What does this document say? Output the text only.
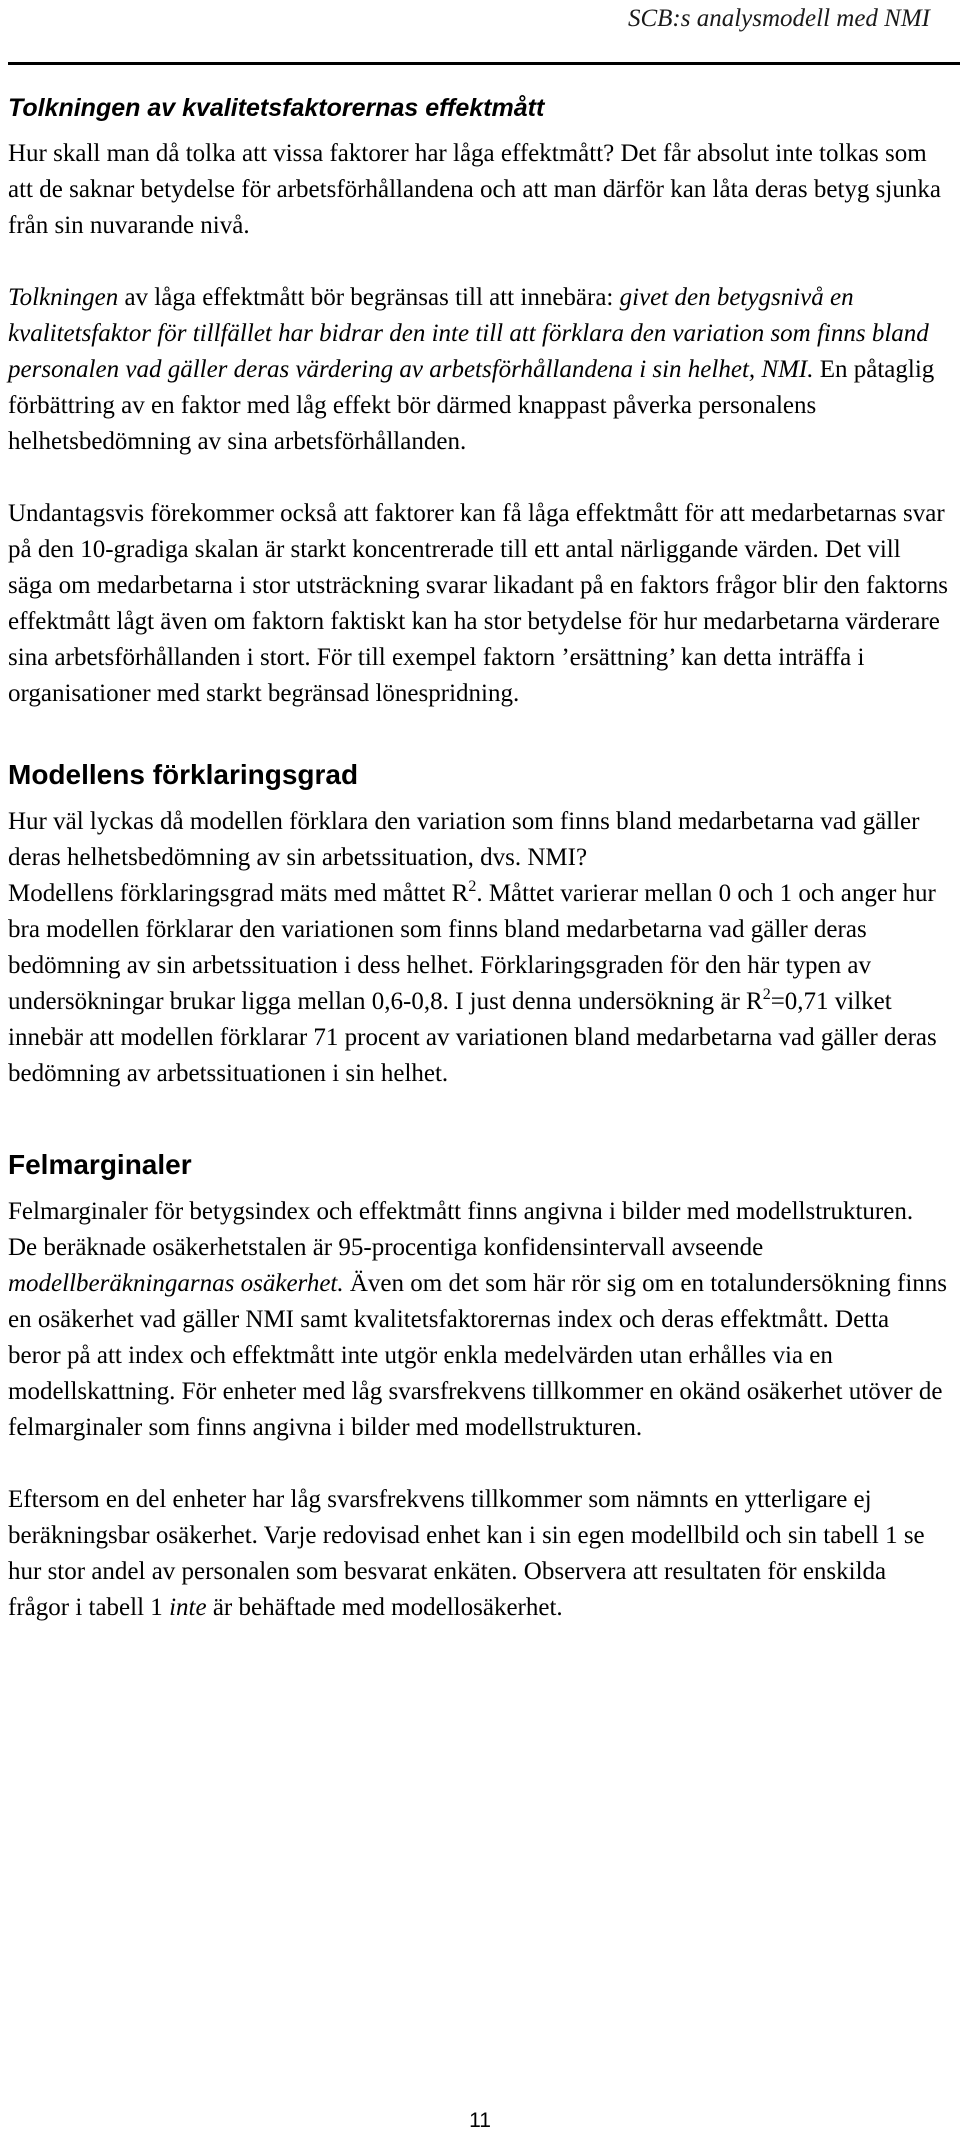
SCB:s analysmodell med NMI
Tolkningen av kvalitetsfaktorernas effektmått

Hur skall man då tolka att vissa faktorer har låga effektmått? Det får absolut inte tolkas som att de saknar betydelse för arbetsförhållandena och att man därför kan låta deras betyg sjunka från sin nuvarande nivå.

Tolkningen av låga effektmått bör begränsas till att innebära: givet den betygsnivå en kvalitetsfaktor för tillfället har bidrar den inte till att förklara den variation som finns bland personalen vad gäller deras värdering av arbetsförhållandena i sin helhet, NMI. En påtaglig förbättring av en faktor med låg effekt bör därmed knappast påverka personalens helhetsbedömning av sina arbetsförhållanden.

Undantagsvis förekommer också att faktorer kan få låga effektmått för att medarbetarnas svar på den 10-gradiga skalan är starkt koncentrerade till ett antal närliggande värden. Det vill säga om medarbetarna i stor utsträckning svarar likadant på en faktors frågor blir den faktorns effektmått lågt även om faktorn faktiskt kan ha stor betydelse för hur medarbetarna värderare sina arbetsförhållanden i stort. För till exempel faktorn ’ersättning’ kan detta inträffa i organisationer med starkt begränsad lönespridning.

Modellens förklaringsgrad

Hur väl lyckas då modellen förklara den variation som finns bland medarbetarna vad gäller deras helhetsbedömning av sin arbetssituation, dvs. NMI?

Modellens förklaringsgrad mäts med måttet $R^2$. Måttet varierar mellan 0 och 1 och anger hur bra modellen förklarar den variationen som finns bland medarbetarna vad gäller deras bedömning av sin arbetssituation i dess helhet. Förklaringsgraden för den här typen av undersökningar brukar ligga mellan 0,6-0,8. I just denna undersökning är $R^2=0,71$ vilket innebär att modellen förklarar 71 procent av variationen bland medarbetarna vad gäller deras bedömning av arbetssituationen i sin helhet.

Felmarginaler

Felmarginaler för betygsindex och effektmått finns angivna i bilder med modellstrukturen. De beräknade osäkerhetstalen är 95-procentiga konfidensintervall avseende modellberäkningarnas osäkerhet. Även om det som här rör sig om en totalundersökning finns en osäkerhet vad gäller NMI samt kvalitetsfaktorernas index och deras effektmått. Detta beror på att index och effektmått inte utgör enkla medelvärden utan erhålles via en modellskattning. För enheter med låg svarsfrekvens tillkommer en okänd osäkerhet utöver de felmarginaler som finns angivna i bilder med modellstrukturen.

Eftersom en del enheter har låg svarsfrekvens tillkommer som nämnts en ytterligare ej beräkningsbar osäkerhet. Varje redovisad enhet kan i sin egen modellbild och sin tabell 1 se hur stor andel av personalen som besvarat enkäten. Observera att resultaten för enskilda frågor i tabell 1 inte är behäftade med modellosäkerhet.

11
